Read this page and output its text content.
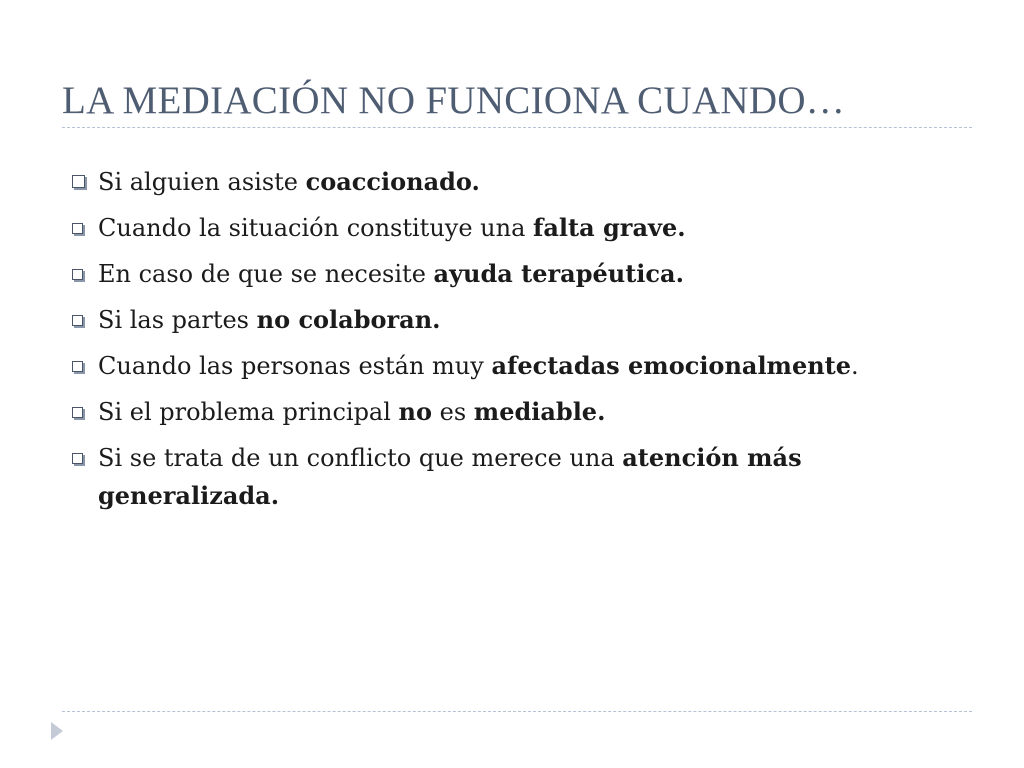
LA MEDIACIÓN NO FUNCIONA CUANDO…
Si alguien asiste coaccionado.
Cuando la situación constituye una falta grave.
En caso de que se necesite ayuda terapéutica.
Si las partes no colaboran.
Cuando las personas están muy afectadas emocionalmente.
Si el problema principal no es mediable.
Si se trata de un conflicto que merece una atención más generalizada.
